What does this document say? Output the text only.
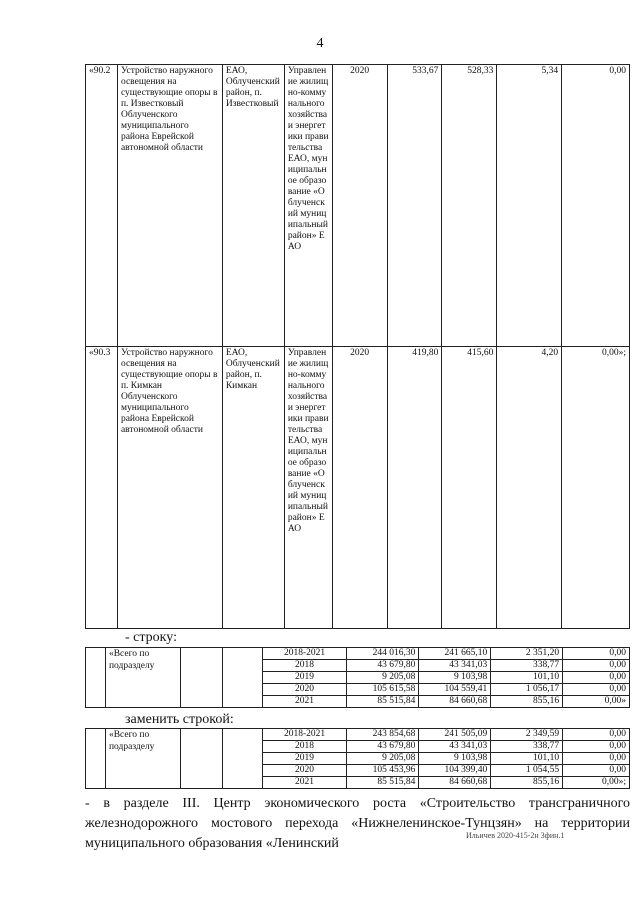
4
«90.2	Устройство наружного освещения на существующие опоры в п. Известковый Облученского муниципального района Еврейской автономной области	ЕАО, Облученский район, п. Известковый	Управление жилищно-коммунального хозяйства и энергетики правительства ЕАО, муниципальное образование «Облученский муниципальный район» ЕАО	2020	533,67	528,33	5,34	0,00
«90.3	Устройство наружного освещения на существующие опоры в п. Кимкан Облученского муниципального района Еврейской автономной области	ЕАО, Облученский район, п. Кимкан	Управление жилищно-коммунального хозяйства и энергетики правительства ЕАО, муниципальное образование «Облученский муниципальный район» ЕАО	2020	419,80	415,60	4,20	0,00»;
- строку:
	«Всего по подразделу			2018-2021	244 016,30	241 665,10	2 351,20	0,00
				2018	43 679,80	43 341,03	338,77	0,00
				2019	9 205,08	9 103,98	101,10	0,00
				2020	105 615,58	104 559,41	1 056,17	0,00
				2021	85 515,84	84 660,68	855,16	0,00»
заменить строкой:
	«Всего по подразделу			2018-2021	243 854,68	241 505,09	2 349,59	0,00
				2018	43 679,80	43 341,03	338,77	0,00
				2019	9 205,08	9 103,98	101,10	0,00
				2020	105 453,96	104 399,40	1 054,55	0,00
				2021	85 515,84	84 660,68	855,16	0,00»;
- в разделе III. Центр экономического роста «Строительство трансграничного железнодорожного мостового перехода «Нижнеленинское-Тунцзян» на территории муниципального образования «Ленинский
Ильичев 2020-415-2н 3фин.1
